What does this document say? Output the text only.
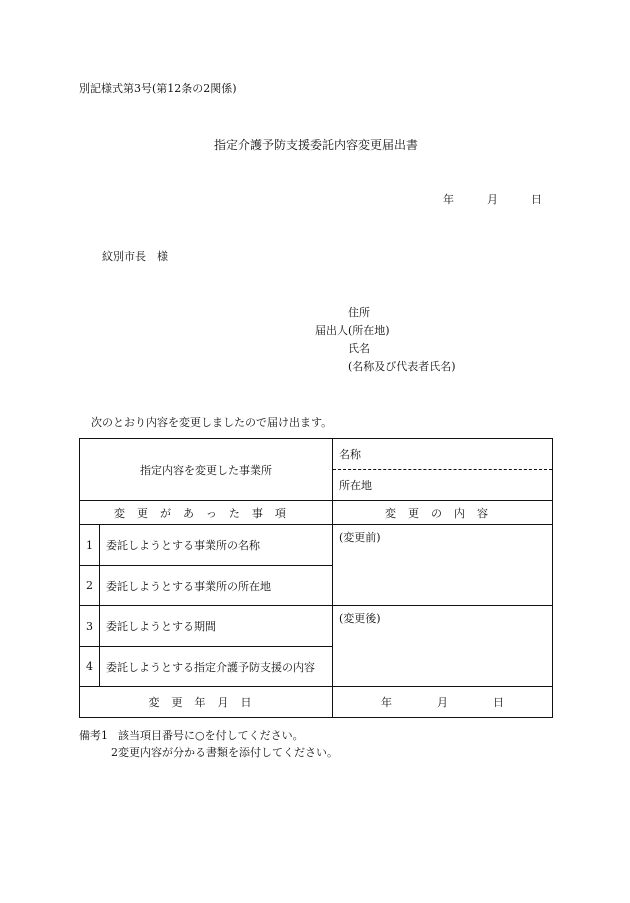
別記様式第3号(第12条の2関係)
指定介護予防支援委託内容変更届出書
年	月	日
紋別市長　様
住所
届出人 (所在地)
氏名
(名称及び代表者氏名)
次のとおり内容を変更しましたので届け出ます。
指定内容を変更した事業所		名称
		所在地
変更があった事項		変更の内容
1	委託しようとする事業所の名称	(変更前)
2	委託しようとする事業所の所在地	
3	委託しようとする期間	(変更後)
4	委託しようとする指定介護予防支援の内容	
変更年月日		年 月 日
備考1 該当項目番号に○を付してください。
2 変更内容が分かる書類を添付してください。
